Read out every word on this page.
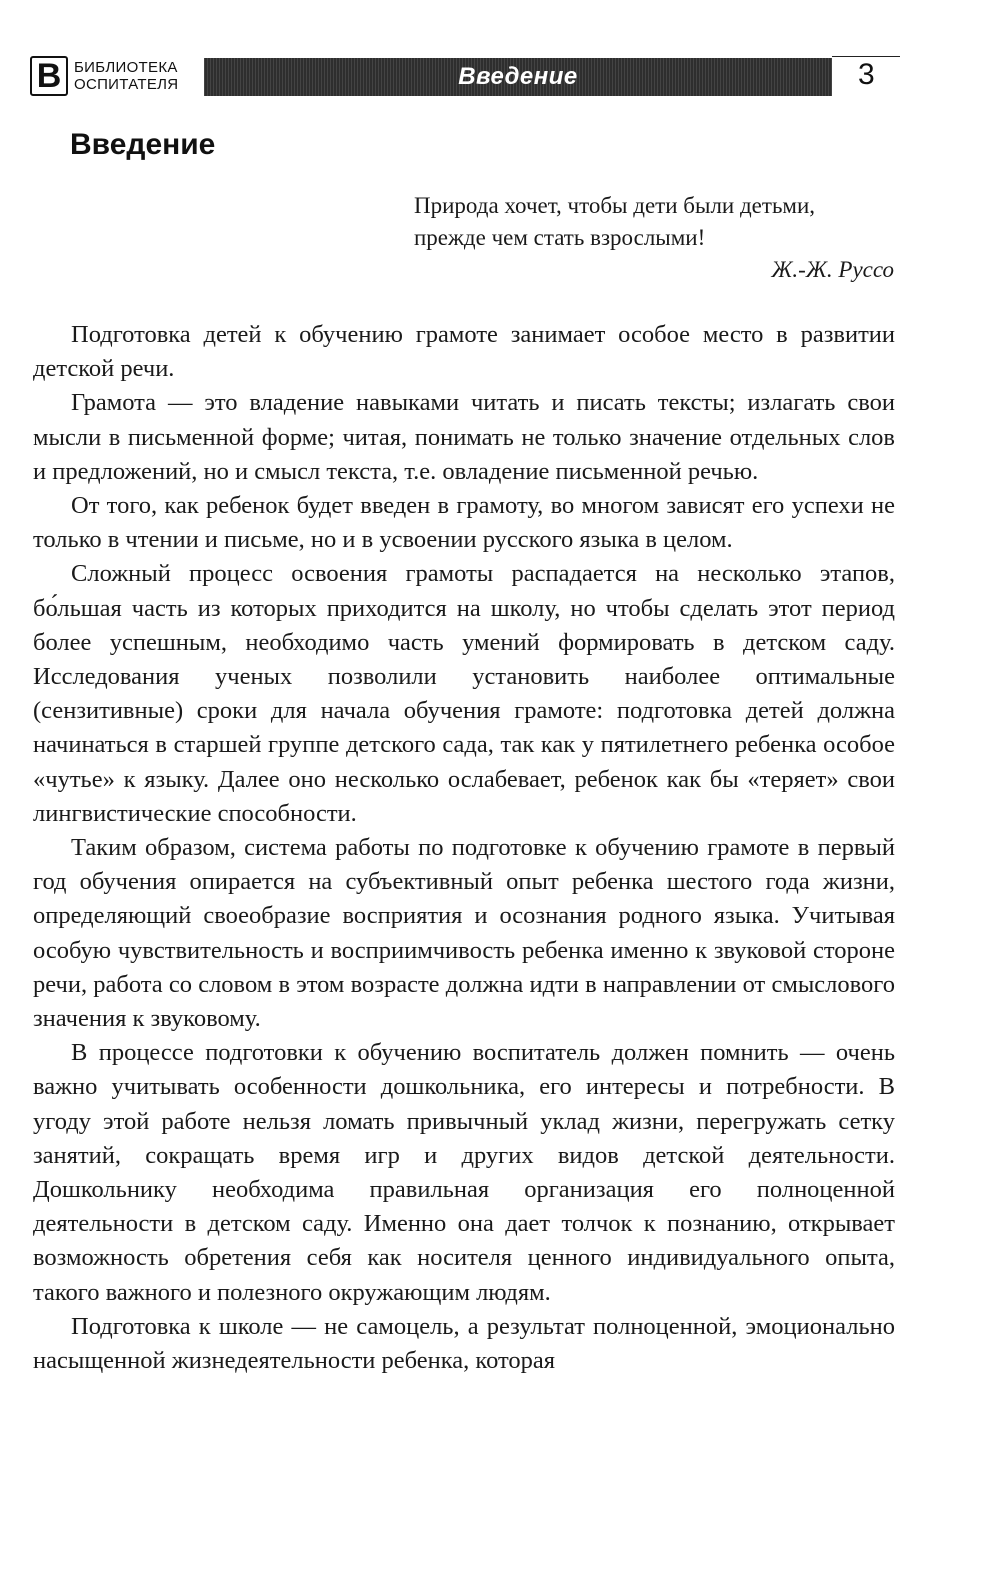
В БИБЛИОТЕКА
ОСПИТАТЕЛЯ	Введение	3
Введение
Природа хочет, чтобы дети были детьми,
прежде чем стать взрослыми!
Ж.-Ж. Руссо

Подготовка детей к обучению грамоте занимает особое место в развитии детской речи.

Грамота — это владение навыками читать и писать тексты; излагать свои мысли в письменной форме; читая, понимать не только значение отдельных слов и предложений, но и смысл текста, т.е. овладение письменной речью.

От того, как ребенок будет введен в грамоту, во многом зависят его успехи не только в чтении и письме, но и в усвоении русского языка в целом.

Сложный процесс освоения грамоты распадается на несколько этапов, бо́льшая часть из которых приходится на школу, но чтобы сделать этот период более успешным, необходимо часть умений формировать в детском саду. Исследования ученых позволили установить наиболее оптимальные (сензитивные) сроки для начала обучения грамоте: подготовка детей должна начинаться в старшей группе детского сада, так как у пятилетнего ребенка особое «чутье» к языку. Далее оно несколько ослабевает, ребенок как бы «теряет» свои лингвистические способности.

Таким образом, система работы по подготовке к обучению грамоте в первый год обучения опирается на субъективный опыт ребенка шестого года жизни, определяющий своеобразие восприятия и осознания родного языка. Учитывая особую чувствительность и восприимчивость ребенка именно к звуковой стороне речи, работа со словом в этом возрасте должна идти в направлении от смыслового значения к звуковому.

В процессе подготовки к обучению воспитатель должен помнить — очень важно учитывать особенности дошкольника, его интересы и потребности. В угоду этой работе нельзя ломать привычный уклад жизни, перегружать сетку занятий, сокращать время игр и других видов детской деятельности. Дошкольнику необходима правильная организация его полноценной деятельности в детском саду. Именно она дает толчок к познанию, открывает возможность обретения себя как носителя ценного индивидуального опыта, такого важного и полезного окружающим людям.

Подготовка к школе — не самоцель, а результат полноценной, эмоционально насыщенной жизнедеятельности ребенка, которая
